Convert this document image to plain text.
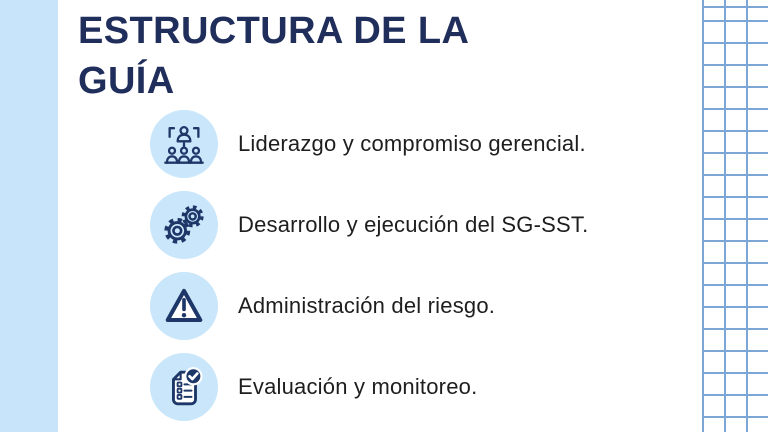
ESTRUCTURA DE LA
GUÍA
Liderazgo y compromiso gerencial.
Desarrollo y ejecución del SG-SST.
Administración del riesgo.
Evaluación y monitoreo.
